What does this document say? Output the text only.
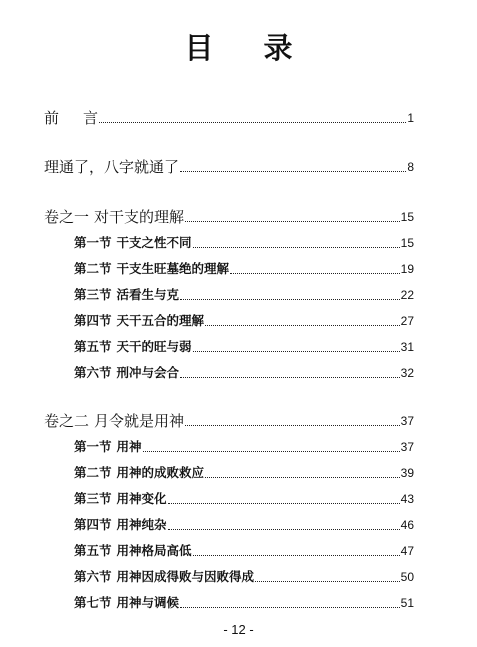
目 录
前 言	1
理通了，八字就通了	8
卷之一 对干支的理解	15
第一节 干支之性不同	15
第二节 干支生旺墓绝的理解	19
第三节 活看生与克	22
第四节 天干五合的理解	27
第五节 天干的旺与弱	31
第六节 刑冲与会合	32
卷之二 月令就是用神	37
第一节 用神	37
第二节 用神的成败救应	39
第三节 用神变化	43
第四节 用神纯杂	46
第五节 用神格局高低	47
第六节 用神因成得败与因败得成	50
第七节 用神与调候	51
- 12 -
